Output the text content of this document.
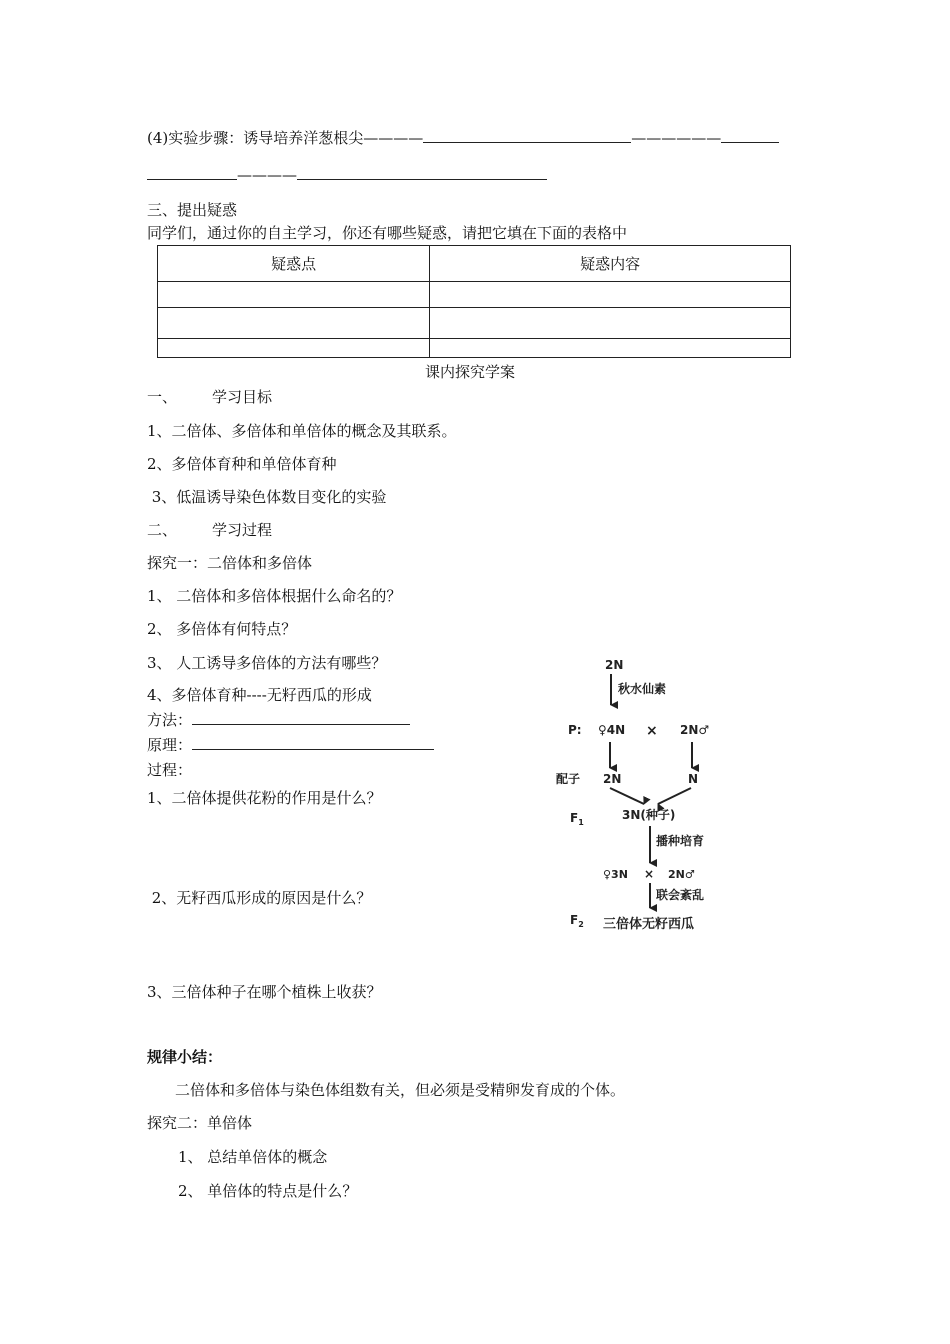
(4)实验步骤：诱导培养洋葱根尖————	——————
————
三、提出疑惑
同学们，通过你的自主学习，你还有哪些疑惑，请把它填在下面的表格中
疑惑点	疑惑内容

课内探究学案
一、 学习目标
1、二倍体、多倍体和单倍体的概念及其联系。
2、多倍体育种和单倍体育种
3、低温诱导染色体数目变化的实验
二、 学习过程
探究一：二倍体和多倍体
1、 二倍体和多倍体根据什么命名的？
2、 多倍体有何特点？
3、 人工诱导多倍体的方法有哪些？
4、多倍体育种----无籽西瓜的形成
方法：
原理：
过程：
1、二倍体提供花粉的作用是什么？
2、无籽西瓜形成的原因是什么？
3、三倍体种子在哪个植株上收获？
2N
秋水仙素
P: ♀4N × 2N♂
配子 2N	N
$F_1$
3N(种子)
播种培育
♀3N × 2N♂
联会紊乱
$F_2$ 三倍体无籽西瓜
规律小结：
二倍体和多倍体与染色体组数有关，但必须是受精卵发育成的个体。
探究二：单倍体
1、 总结单倍体的概念
2、 单倍体的特点是什么？
